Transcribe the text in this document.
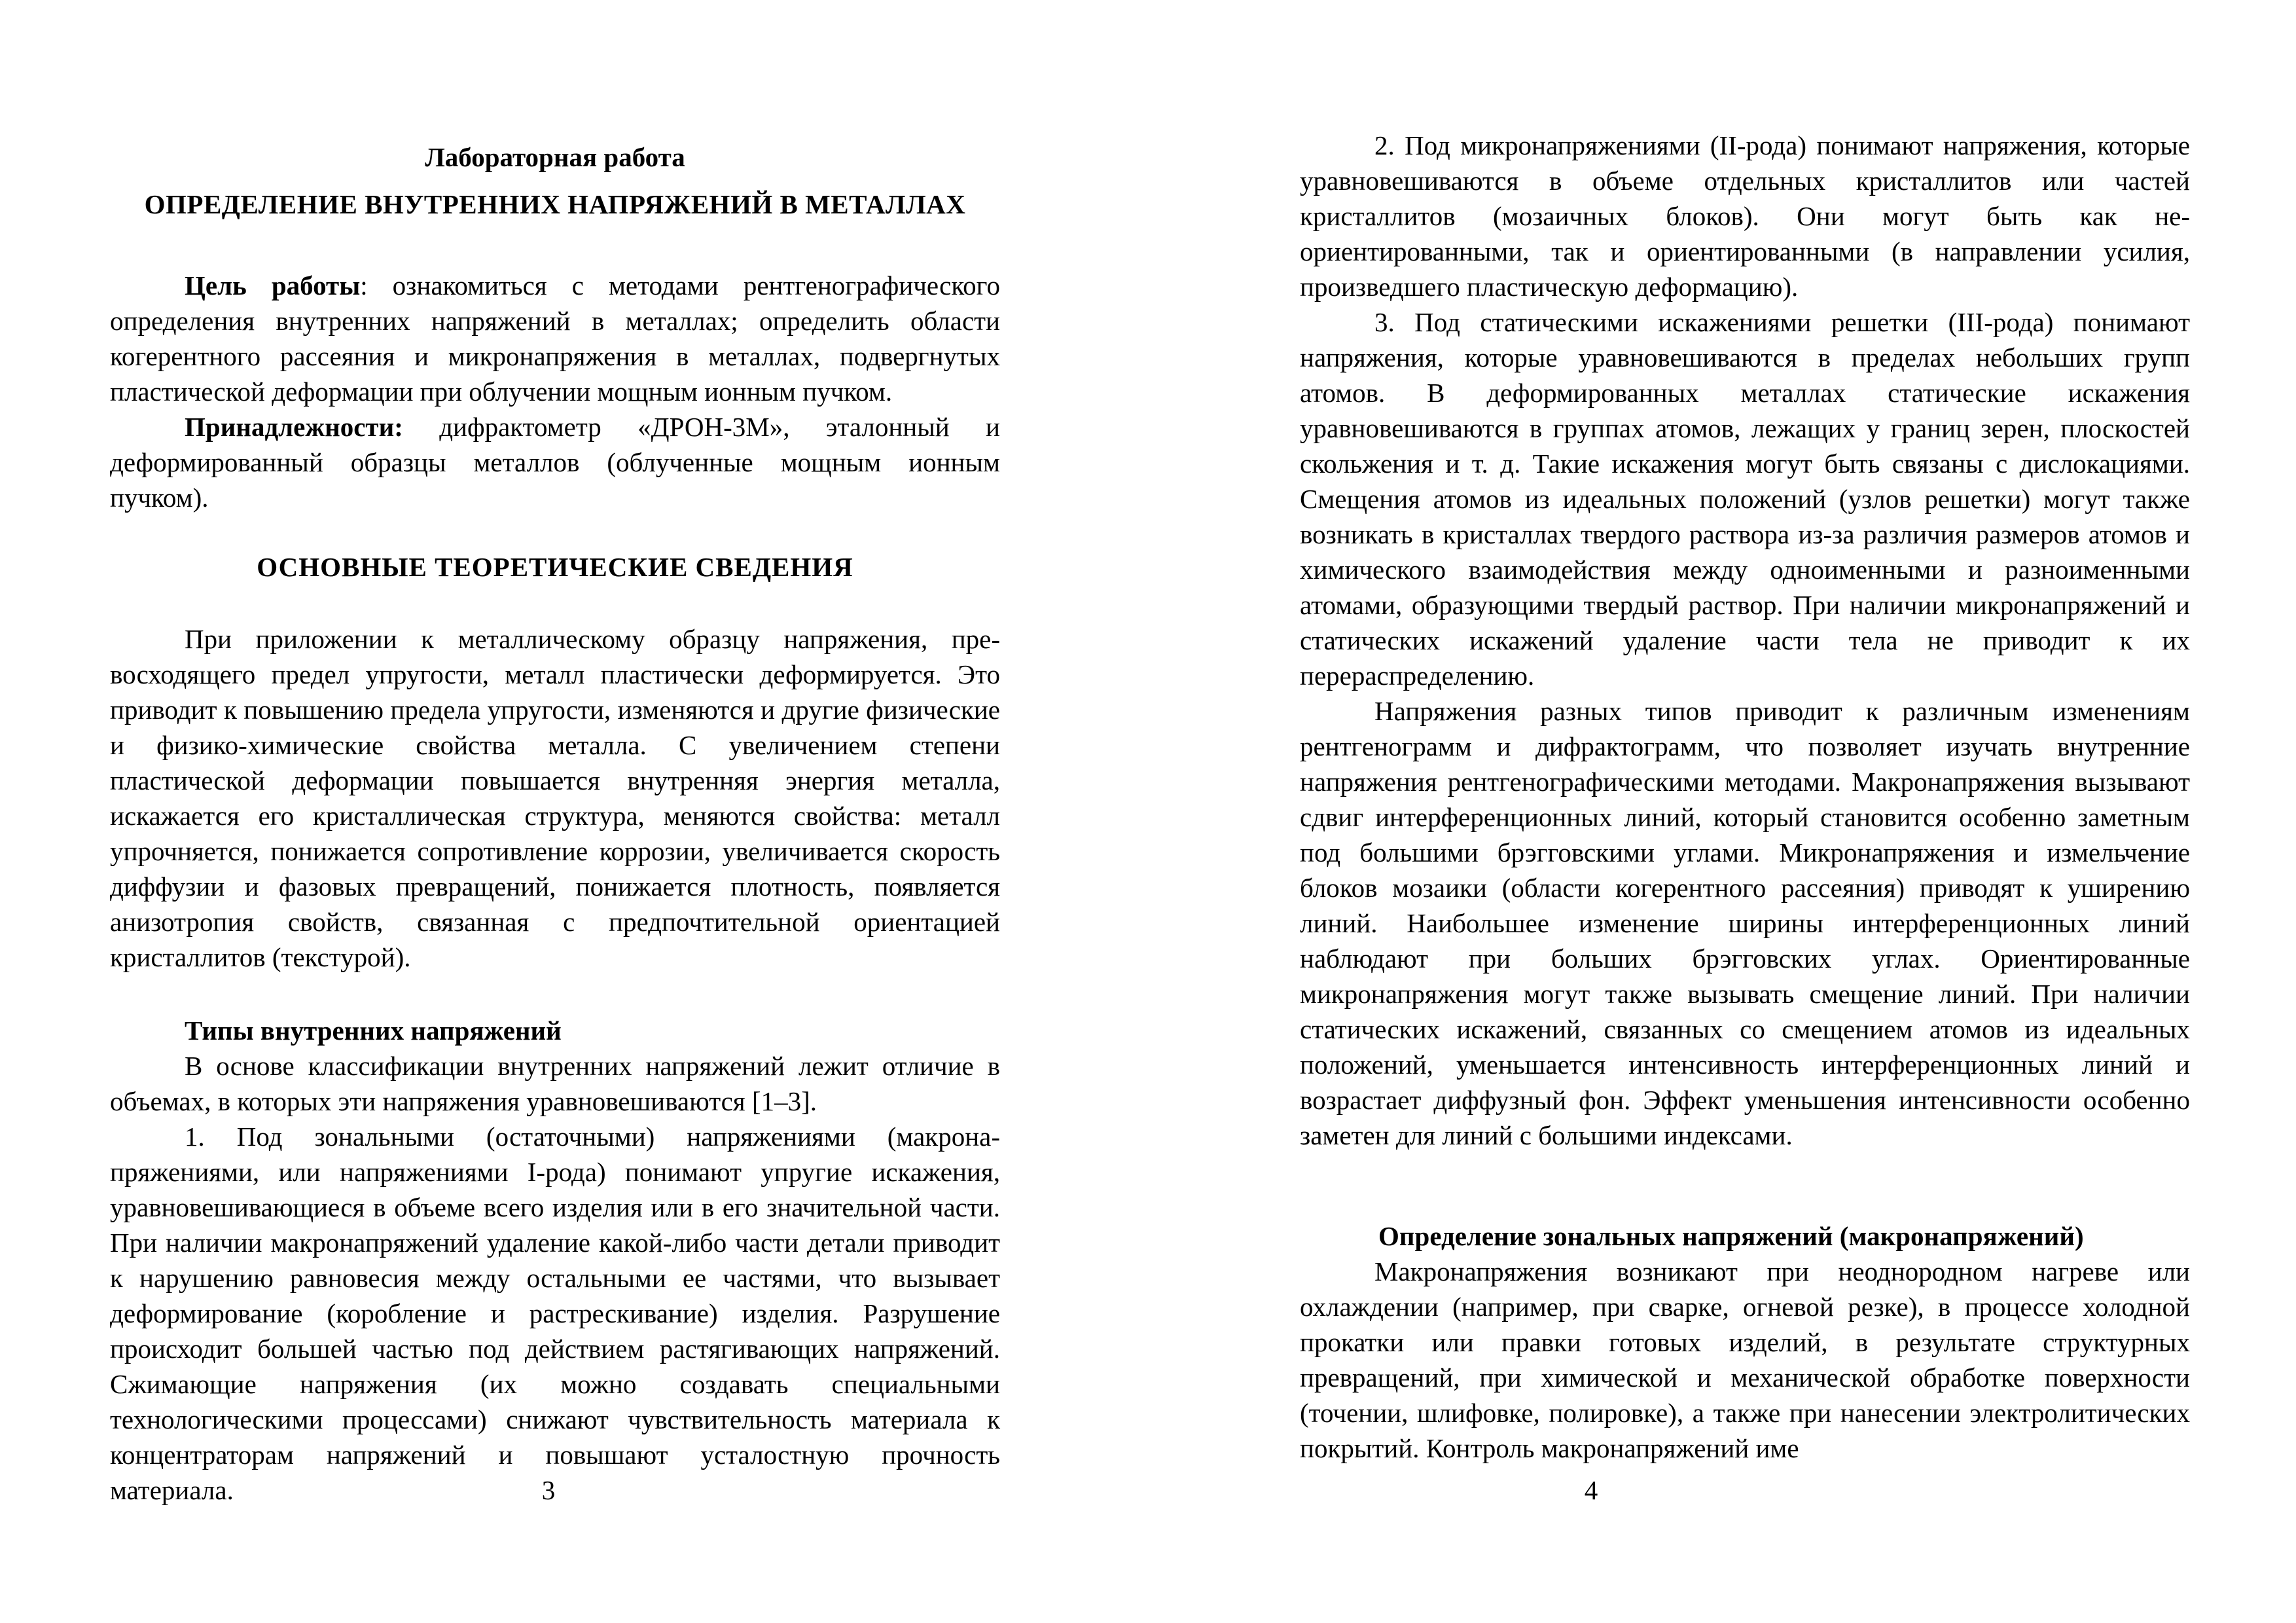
Лабораторная работа

ОПРЕДЕЛЕНИЕ ВНУТРЕННИХ НАПРЯЖЕНИЙ В МЕТАЛЛАХ

Цель работы: ознакомиться с методами рентгенографического определения внутренних напряжений в металлах; определить области когерентного рассеяния и микронапряжения в металлах, подвергнутых пластической деформации при облучении мощным ионным пучком.

Принадлежности: дифрактометр «ДРОН-3М», эталонный и деформированный образцы металлов (облученные мощным ионным пучком).

ОСНОВНЫЕ ТЕОРЕТИЧЕСКИЕ СВЕДЕНИЯ

При приложении к металлическому образцу напряжения, превосходящего предел упругости, металл пластически деформируется. Это приводит к повышению предела упругости, изменяются и другие физические и физико-химические свойства металла. С увеличением степени пластической деформации повышается внутренняя энергия металла, искажается его кристаллическая структура, меняются свойства: металл упрочняется, понижается сопротивление коррозии, увеличивается скорость диффузии и фазовых превращений, понижается плотность, появляется анизотропия свойств, связанная с предпочтительной ориентацией кристаллитов (текстурой).

Типы внутренних напряжений

В основе классификации внутренних напряжений лежит отличие в объемах, в которых эти напряжения уравновешиваются [1–3].

1. Под зональными (остаточными) напряжениями (макронапряжениями, или напряжениями I-рода) понимают упругие искажения, уравновешивающиеся в объеме всего изделия или в его значительной части. При наличии макронапряжений удаление какой-либо части детали приводит к нарушению равновесия между остальными ее частями, что вызывает деформирование (коробление и растрескивание) изделия. Разрушение происходит большей частью под действием растягивающих напряжений. Сжимающие напряжения (их можно создавать специальными технологическими процессами) снижают чувствительность материала к концентраторам напряжений и повышают усталостную прочность материала.	3

2. Под микронапряжениями (II-рода) понимают напряжения, которые уравновешиваются в объеме отдельных кристаллитов или частей кристаллитов (мозаичных блоков). Они могут быть как неориентированными, так и ориентированными (в направлении усилия, произведшего пластическую деформацию).

3. Под статическими искажениями решетки (III-рода) понимают напряжения, которые уравновешиваются в пределах небольших групп атомов. В деформированных металлах статические искажения уравновешиваются в группах атомов, лежащих у границ зерен, плоскостей скольжения и т. д. Такие искажения могут быть связаны с дислокациями. Смещения атомов из идеальных положений (узлов решетки) могут также возникать в кристаллах твердого раствора из-за различия размеров атомов и химического взаимодействия между одноименными и разноименными атомами, образующими твердый раствор. При наличии микронапряжений и статических искажений удаление части тела не приводит к их перераспределению.

Напряжения разных типов приводит к различным изменениям рентгенограмм и дифрактограмм, что позволяет изучать внутренние напряжения рентгенографическими методами. Макронапряжения вызывают сдвиг интерференционных линий, который становится особенно заметным под большими брэгговскими углами. Микронапряжения и измельчение блоков мозаики (области когерентного рассеяния) приводят к уширению линий. Наибольшее изменение ширины интерференционных линий наблюдают при больших брэгговских углах. Ориентированные микронапряжения могут также вызывать смещение линий. При наличии статических искажений, связанных со смещением атомов из идеальных положений, уменьшается интенсивность интерференционных линий и возрастает диффузный фон. Эффект уменьшения интенсивности особенно заметен для линий с большими индексами.

Определение зональных напряжений (макронапряжений)

Макронапряжения возникают при неоднородном нагреве или охлаждении (например, при сварке, огневой резке), в процессе холодной прокатки или правки готовых изделий, в результате структурных превращений, при химической и механической обработке поверхности (точении, шлифовке, полировке), а также при нанесении электролитических покрытий. Контроль макронапряжений име

4
